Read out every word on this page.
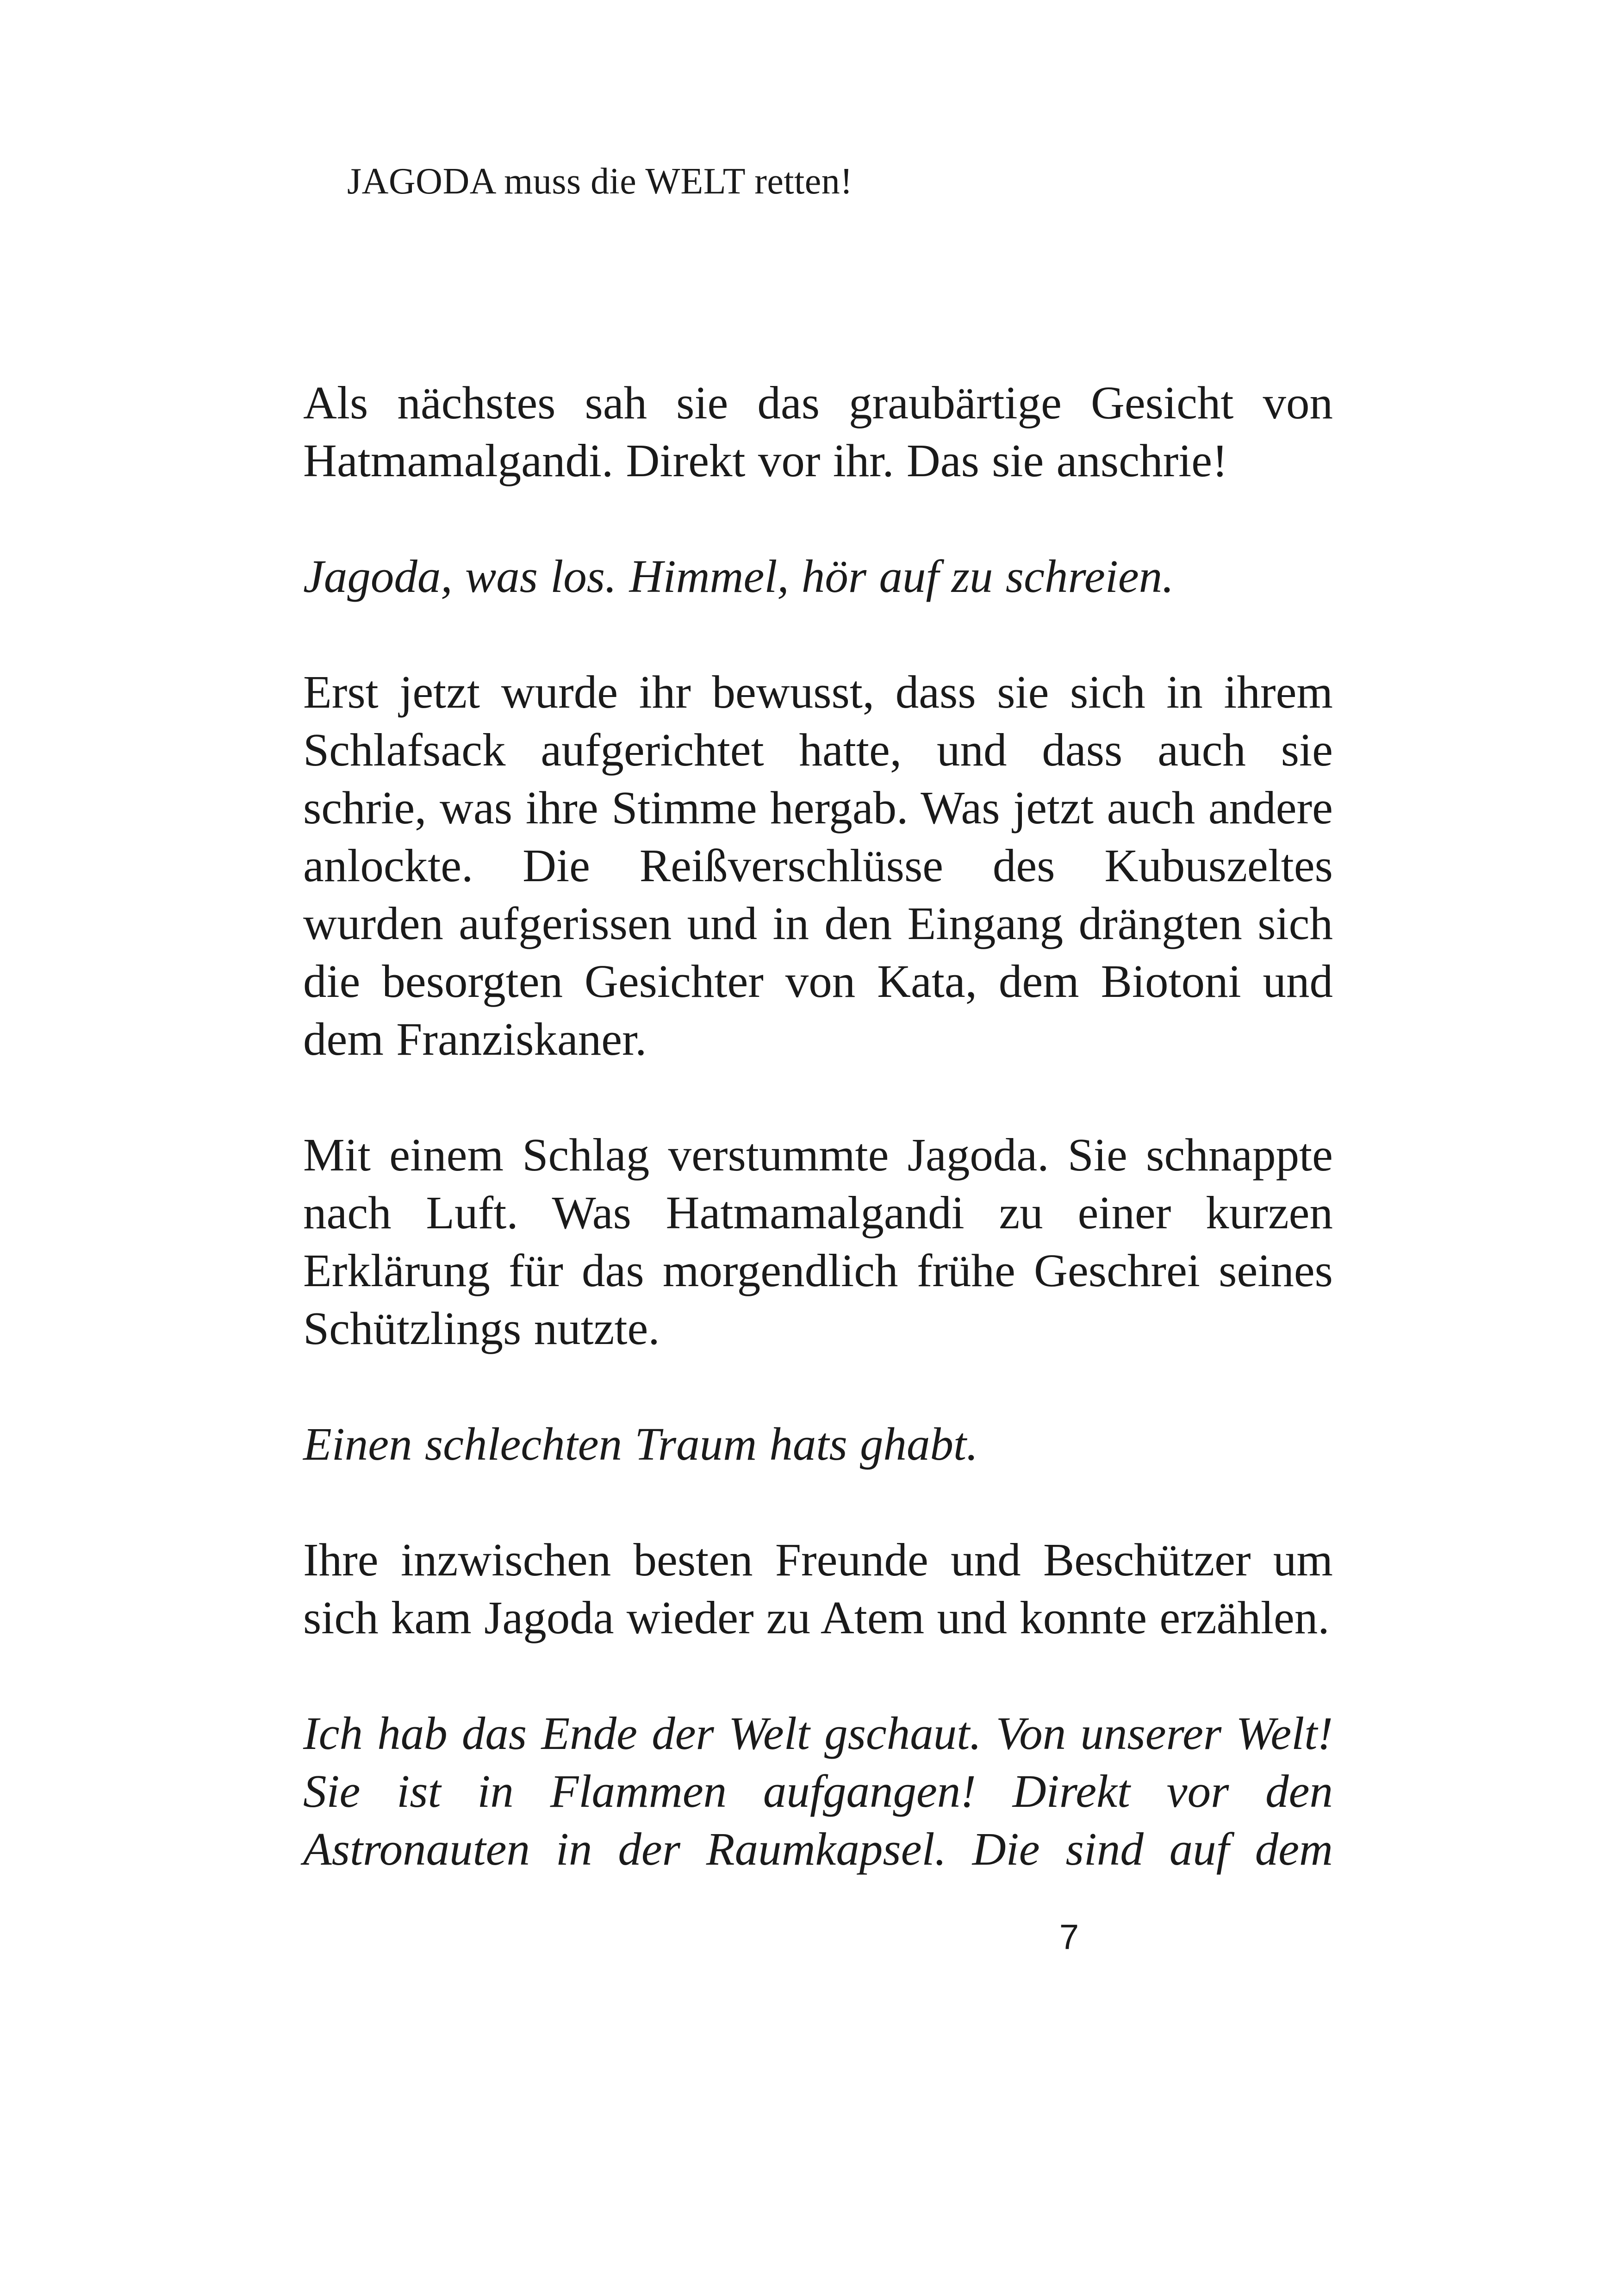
JAGODA muss die WELT retten!

Als nächstes sah sie das graubärtige Gesicht von Hatmamalgandi. Direkt vor ihr. Das sie anschrie!

Jagoda, was los. Himmel, hör auf zu schreien.

Erst jetzt wurde ihr bewusst, dass sie sich in ihrem Schlafsack aufgerichtet hatte, und dass auch sie schrie, was ihre Stimme hergab. Was jetzt auch andere anlockte. Die Reißverschlüsse des Kubuszeltes wurden aufgerissen und in den Eingang drängten sich die besorgten Gesichter von Kata, dem Biotoni und dem Franziskaner.

Mit einem Schlag verstummte Jagoda. Sie schnappte nach Luft. Was Hatmamalgandi zu einer kurzen Erklärung für das morgendlich frühe Geschrei seines Schützlings nutzte.

Einen schlechten Traum hats ghabt.

Ihre inzwischen besten Freunde und Beschützer um sich kam Jagoda wieder zu Atem und konnte erzählen.

Ich hab das Ende der Welt gschaut. Von unserer Welt! Sie ist in Flammen aufgangen! Direkt vor den Astronauten in der Raumkapsel. Die sind auf dem

7
